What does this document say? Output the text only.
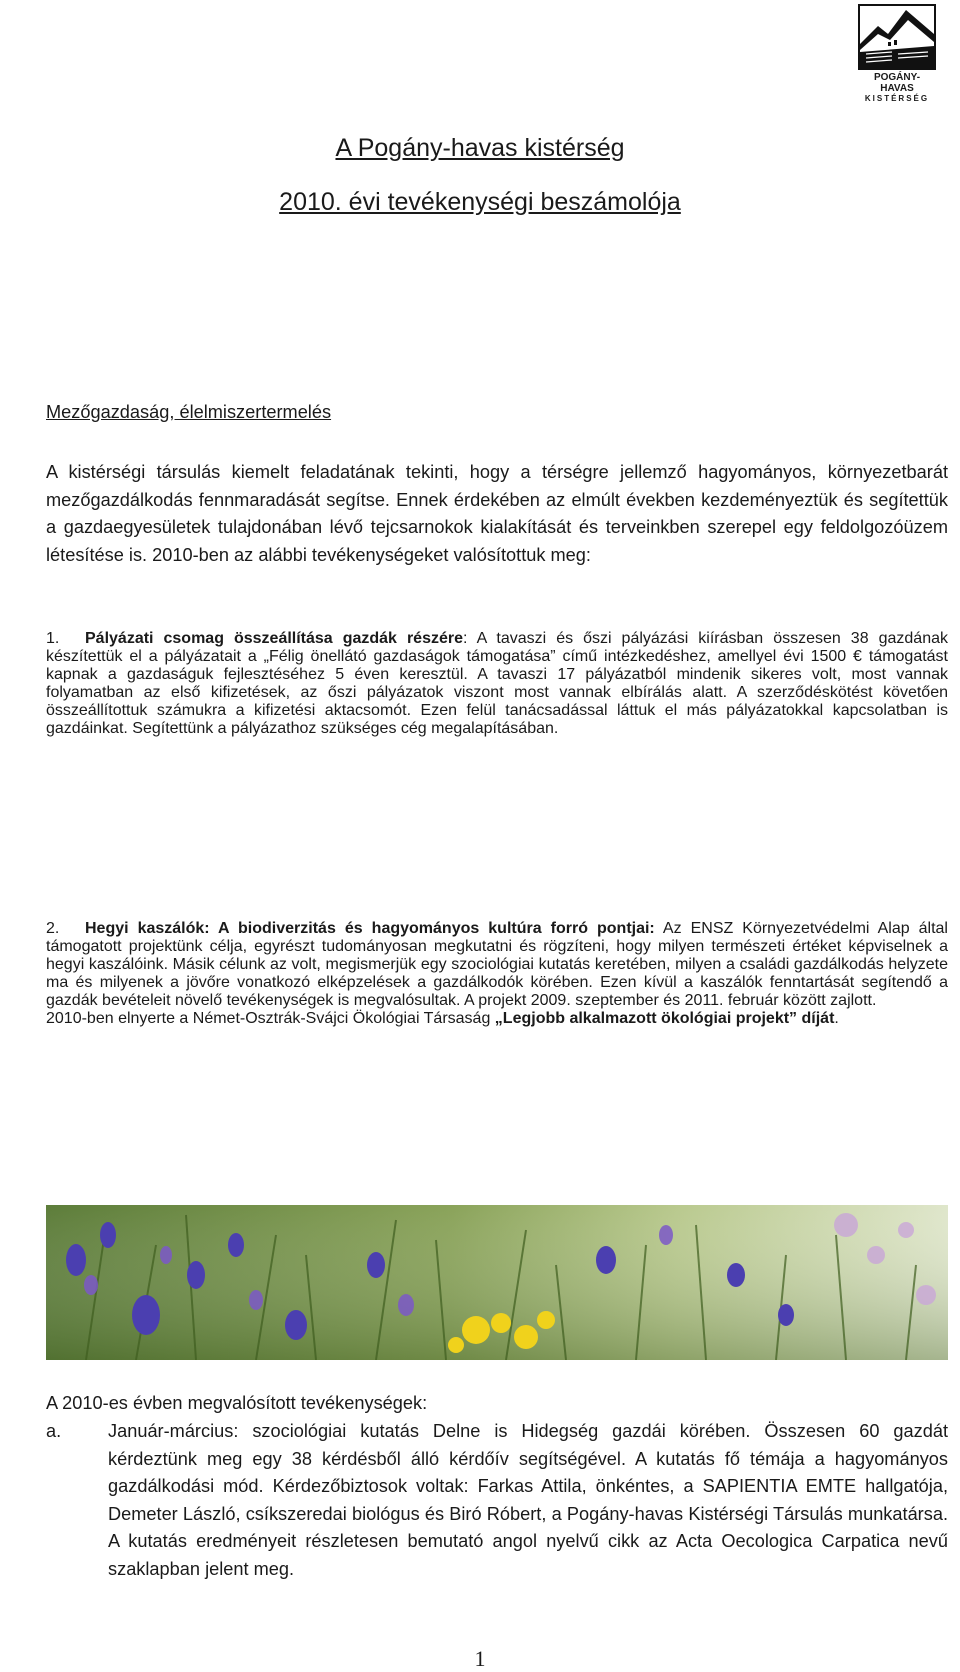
POGÁNY-HAVAS
KISTÉRSÉG
A Pogány-havas kistérség
2010. évi tevékenységi beszámolója
Mezőgazdaság, élelmiszertermelés
A kistérségi társulás kiemelt feladatának tekinti, hogy a térségre jellemző hagyományos, környezetbarát mezőgazdálkodás fennmaradását segítse. Ennek érdekében az elmúlt években kezdeményeztük és segítettük a gazdaegyesületek tulajdonában lévő tejcsarnokok kialakítását és terveinkben szerepel egy feldolgozóüzem létesítése is. 2010-ben az alábbi tevékenységeket valósítottuk meg:
1.	Pályázati csomag összeállítása gazdák részére: A tavaszi és őszi pályázási kiírásban összesen 38 gazdának készítettük el a pályázatait a „Félig önellátó gazdaságok támogatása” című intézkedéshez, amellyel évi 1500 € támogatást kapnak a gazdaságuk fejlesztéséhez 5 éven keresztül. A tavaszi 17 pályázatból mindenik sikeres volt, most vannak folyamatban az első kifizetések, az őszi pályázatok viszont most vannak elbírálás alatt. A szerződéskötést követően összeállítottuk számukra a kifizetési aktacsomót. Ezen felül tanácsadással láttuk el más pályázatokkal kapcsolatban is gazdáinkat. Segítettünk a pályázathoz szükséges cég megalapításában.

2.	Hegyi kaszálók: A biodiverzitás és hagyományos kultúra forró pontjai: Az ENSZ Környezetvédelmi Alap által támogatott projektünk célja, egyrészt tudományosan megkutatni és rögzíteni, hogy milyen természeti értéket képviselnek a hegyi kaszálóink. Másik célunk az volt, megismerjük egy szociológiai kutatás keretében, milyen a családi gazdálkodás helyzete ma és milyenek a jövőre vonatkozó elképzelések a gazdálkodók körében. Ezen kívül a kaszálók fenntartását segítendő a gazdák bevételeit növelő tevékenységek is megvalósultak. A projekt 2009. szeptember és 2011. február között zajlott.

2010-ben elnyerte a Német-Osztrák-Svájci Ökológiai Társaság „Legjobb alkalmazott ökológiai projekt” díját.

A 2010-es évben megvalósított tevékenységek:
a.	Január-március: szociológiai kutatás Delne is Hidegség gazdái körében. Összesen 60 gazdát kérdeztünk meg egy 38 kérdésből álló kérdőív segítségével. A kutatás fő témája a hagyományos gazdálkodási mód. Kérdezőbiztosok voltak: Farkas Attila, önkéntes, a SAPIENTIA EMTE hallgatója, Demeter László, csíkszeredai biológus és Biró Róbert, a Pogány-havas Kistérségi Társulás munkatársa. A kutatás eredményeit részletesen bemutató angol nyelvű cikk az Acta Oecologica Carpatica nevű szaklapban jelent meg.
1
